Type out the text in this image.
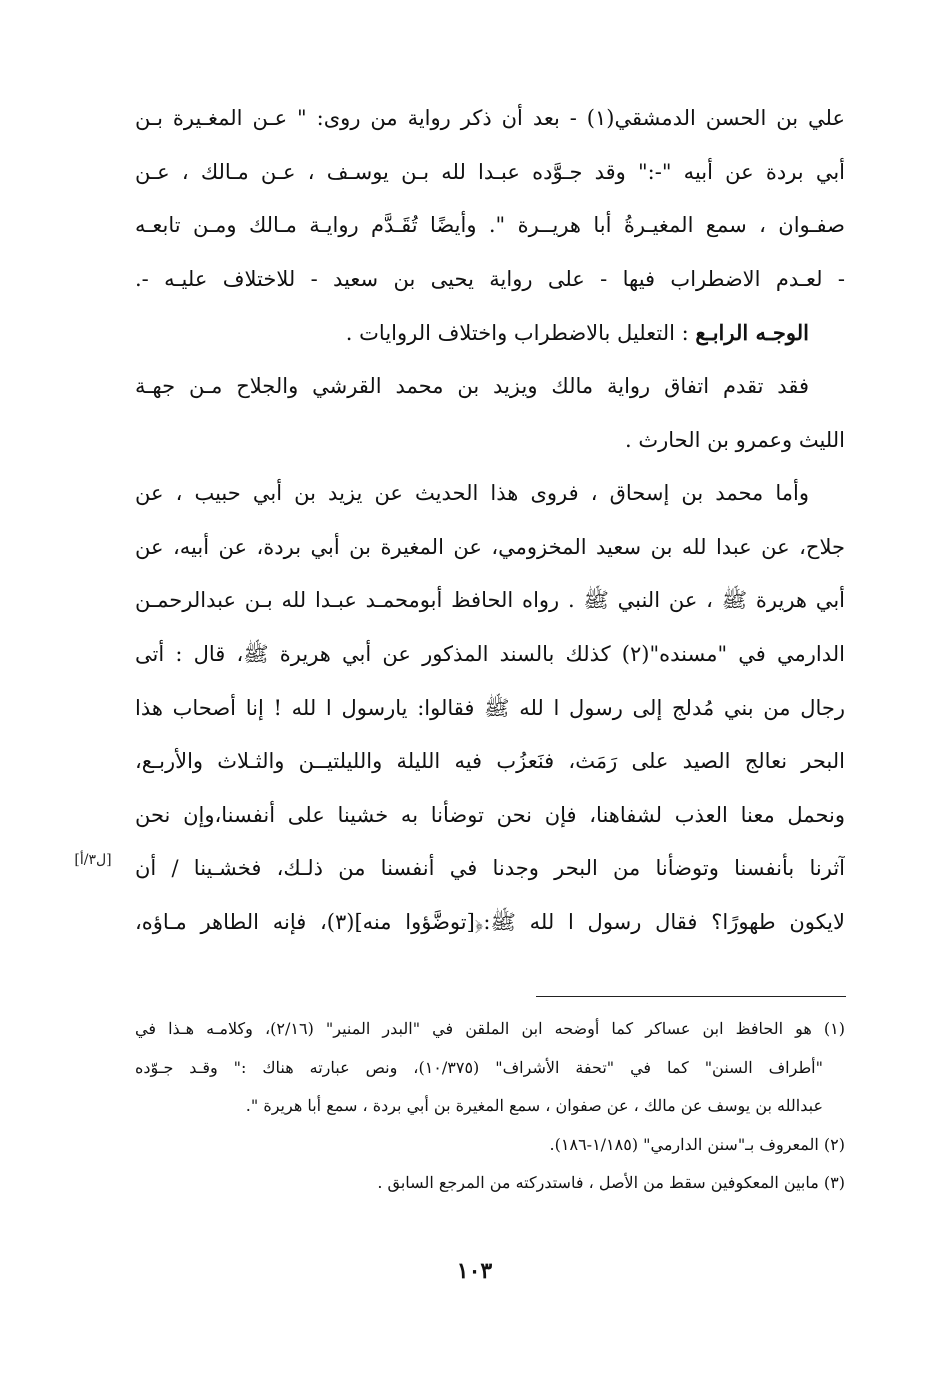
علي بن الحسن الدمشقي(١) - بعد أن ذكر رواية من روى: " عـن المغـيرة بـن
أبي بردة عن أبيه "-:" وقد جـوَّده عبـدا لله بـن يوسـف ، عـن مـالك ، عـن
صفـوان ، سمع المغيـرةُ أبا هريــرة ". وأيضًا تُقَـدَّم روايـة مـالك ومـن تابعـه
- لعـدم الاضطراب فيها - على رواية يحيى بن سعيد - للاختلاف عليـه -.
الوجـه الرابـع : التعليل بالاضطراب واختلاف الروايات .
فقد تقدم اتفاق رواية مالك ويزيد بن محمد القرشي والجلاح مـن جهـة
الليث وعمرو بن الحارث .
وأما محمد بن إسحاق ، فروى هذا الحديث عن يزيد بن أبي حبيب ، عن
جلاح، عن عبدا لله بن سعيد المخزومي، عن المغيرة بن أبي بردة، عن أبيه، عن
أبي هريرة ﷺ ، عن النبي ﷺ . رواه الحافظ أبومحمـد عبـدا لله بـن عبدالرحمـن
الدارمي في "مسنده"(٢) كذلك بالسند المذكور عن أبي هريرة ﷺ، قال : أتى
رجال من بني مُدلج إلى رسول ا لله ﷺ فقالوا: يارسول ا لله ! إنا أصحاب هذا
البحر نعالج الصيد على رَمَث، فنَعزُب فيه الليلة والليلتيــن والثـلاث والأربـع،
ونحمل معنا العذب لشفاهنا، فإن نحن توضأنا به خشينا على أنفسنا،وإن نحن
آثرنا بأنفسنا وتوضأنا من البحر وجدنا في أنفسنا من ذلـك، فخشـينا / أن
لايكون طهورًا؟ فقال رسول ا لله ﷺ:﴿[توضَّؤوا منه](٣)، فإنه الطاهر مـاؤه،
[ل٣/أ]
(١) هو الحافظ ابن عساكر كما أوضحه ابن الملقن في "البدر المنير" (٢/١٦)، وكلامـه هـذا في
"أطراف السنن" كما في "تحفة الأشراف" (١٠/٣٧٥)، ونص عبارته هناك :" وقـد جـوّده
عبدالله بن يوسف عن مالك ، عن صفوان ، سمع المغيرة بن أبي بردة ، سمع أبا هريرة ".
(٢) المعروف بـ"سنن الدارمي" (١/١٨٥-١٨٦).
(٣) مابين المعكوفين سقط من الأصل ، فاستدركته من المرجع السابق .
١٠٣
